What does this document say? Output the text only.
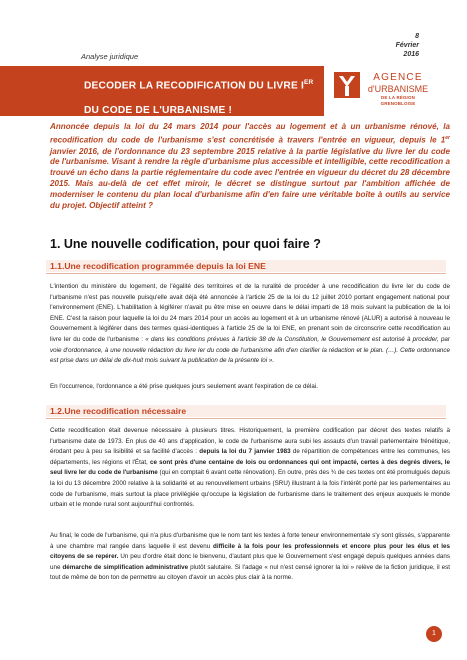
Analyse juridique
8
Février
2016
DECODER LA RECODIFICATION DU LIVRE IER
DU CODE DE L'URBANISME !
AGENCE
d'URBANISME
DE LA RÉGION GRENOBLOISE
Annoncée depuis la loi du 24 mars 2014 pour l'accès au logement et à un urbanisme rénové, la recodification du code de l'urbanisme s'est concrétisée à travers l'entrée en vigueur, depuis le 1er janvier 2016, de l'ordonnance du 23 septembre 2015 relative à la partie législative du livre Ier du code de l'urbanisme. Visant à rendre la règle d'urbanisme plus accessible et intelligible, cette recodification a trouvé un écho dans la partie réglementaire du code avec l'entrée en vigueur du décret du 28 décembre 2015. Mais au-delà de cet effet miroir, le décret se distingue surtout par l'ambition affichée de moderniser le contenu du plan local d'urbanisme afin d'en faire une véritable boîte à outils au service du projet. Objectif atteint ?
1. Une nouvelle codification, pour quoi faire ?
1.1.Une recodification programmée depuis la loi ENE
L'intention du ministère du logement, de l'égalité des territoires et de la ruralité de procéder à une recodification du livre Ier du code de l'urbanisme n'est pas nouvelle puisqu'elle avait déjà été annoncée à l'article 25 de la loi du 12 juillet 2010 portant engagement national pour l'environnement (ENE). L'habilitation à légiférer n'avait pu être mise en oeuvre dans le délai imparti de 18 mois suivant la publication de la loi ENE. C'est la raison pour laquelle la loi du 24 mars 2014 pour un accès au logement et à un urbanisme rénové (ALUR) a autorisé à nouveau le Gouvernement à légiférer dans des termes quasi-identiques à l'article 25 de la loi ENE, en prenant soin de circonscrire cette recodification au livre Ier du code de l'urbanisme : « dans les conditions prévues à l'article 38 de la Constitution, le Gouvernement est autorisé à procéder, par voie d'ordonnance, à une nouvelle rédaction du livre Ier du code de l'urbanisme afin d'en clarifier la rédaction et le plan. (…). Cette ordonnance est prise dans un délai de dix-huit mois suivant la publication de la présente loi ».
En l'occurrence, l'ordonnance a été prise quelques jours seulement avant l'expiration de ce délai.
1.2.Une recodification nécessaire
Cette recodification était devenue nécessaire à plusieurs titres. Historiquement, la première codification par décret des textes relatifs à l'urbanisme date de 1973. En plus de 40 ans d'application, le code de l'urbanisme aura subi les assauts d'un travail parlementaire frénétique, érodant peu à peu sa lisibilité et sa facilité d'accès : depuis la loi du 7 janvier 1983 de répartition de compétences entre les communes, les départements, les régions et l'État, ce sont près d'une centaine de lois ou ordonnances qui ont impacté, certes à des degrés divers, le seul livre Ier du code de l'urbanisme (qui en comptait 6 avant cette rénovation). En outre, près des ¾ de ces textes ont été promulgués depuis la loi du 13 décembre 2000 relative à la solidarité et au renouvellement urbains (SRU) illustrant à la fois l'intérêt porté par les parlementaires au code de l'urbanisme, mais surtout la place privilégiée qu'occupe la législation de l'urbanisme dans le traitement des enjeux auxquels le monde urbain et le monde rural sont aujourd'hui confrontés.
Au final, le code de l'urbanisme, qui n'a plus d'urbanisme que le nom tant les textes à forte teneur environnementale s'y sont glissés, s'apparente à une chambre mal rangée dans laquelle il est devenu difficile à la fois pour les professionnels et encore plus pour les élus et les citoyens de se repérer. Un peu d'ordre était donc le bienvenu, d'autant plus que le Gouvernement s'est engagé depuis quelques années dans une démarche de simplification administrative plutôt salutaire. Si l'adage « nul n'est censé ignorer la loi » relève de la fiction juridique, il est tout de même de bon ton de permettre au citoyen d'avoir un accès plus clair à la norme.
1
